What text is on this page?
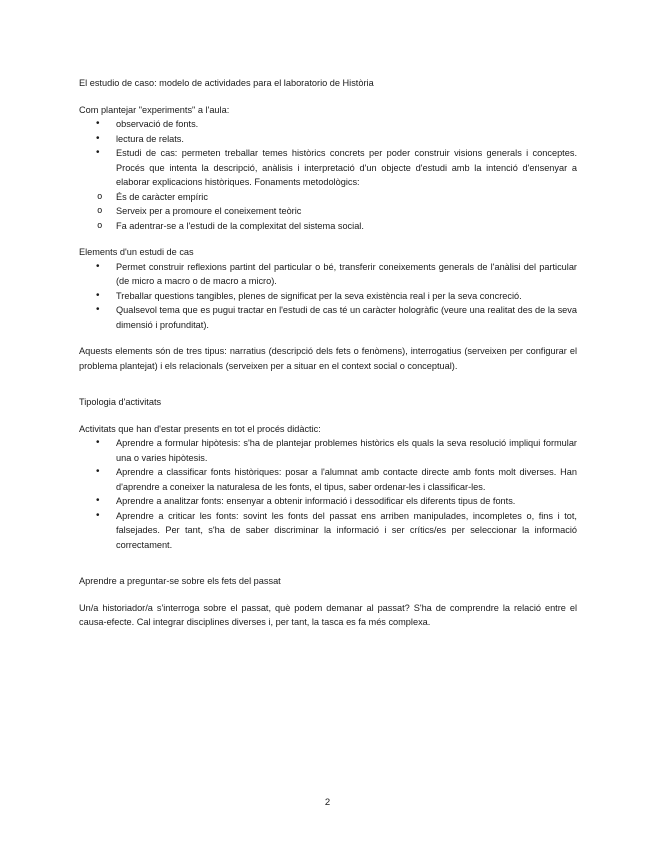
El estudio de caso: modelo de actividades para el laboratorio de Història

Com plantejar "experiments" a l'aula:

• observació de fonts.
• lectura de relats.
• Estudi de cas: permeten treballar temes històrics concrets per poder construir visions generals i conceptes. Procés que intenta la descripció, anàlisis i interpretació d'un objecte d'estudi amb la intenció d'ensenyar a elaborar explicacions històriques. Fonaments metodològics:
o És de caràcter empíric
o Serveix per a promoure el coneixement teòric
o Fa adentrar-se a l'estudi de la complexitat del sistema social.

Elements d'un estudi de cas

• Permet construir reflexions partint del particular o bé, transferir coneixements generals de l'anàlisi del particular (de micro a macro o de macro a micro).
• Treballar questions tangibles, plenes de significat per la seva existència real i per la seva concreció.
• Qualsevol tema que es pugui tractar en l'estudi de cas té un caràcter hologràfic (veure una realitat des de la seva dimensió i profunditat).

Aquests elements són de tres tipus: narratius (descripció dels fets o fenòmens), interrogatius (serveixen per configurar el problema plantejat) i els relacionals (serveixen per a situar en el context social o conceptual).

Tipologia d'activitats

Activitats que han d'estar presents en tot el procés didàctic:

• Aprendre a formular hipòtesis: s'ha de plantejar problemes històrics els quals la seva resolució impliqui formular una o varies hipòtesis.
• Aprendre a classificar fonts històriques: posar a l'alumnat amb contacte directe amb fonts molt diverses. Han d'aprendre a coneixer la naturalesa de les fonts, el tipus, saber ordenar-les i classificar-les.
• Aprendre a analitzar fonts: ensenyar a obtenir informació i dessodificar els diferents tipus de fonts.
• Aprendre a criticar les fonts: sovint les fonts del passat ens arriben manipulades, incompletes o, fins i tot, falsejades. Per tant, s'ha de saber discriminar la informació i ser crítics/es per seleccionar la informació correctament.

Aprendre a preguntar-se sobre els fets del passat

Un/a historiador/a s'interroga sobre el passat, què podem demanar al passat? S'ha de comprendre la relació entre el causa-efecte. Cal integrar disciplines diverses i, per tant, la tasca es fa més complexa.

2
